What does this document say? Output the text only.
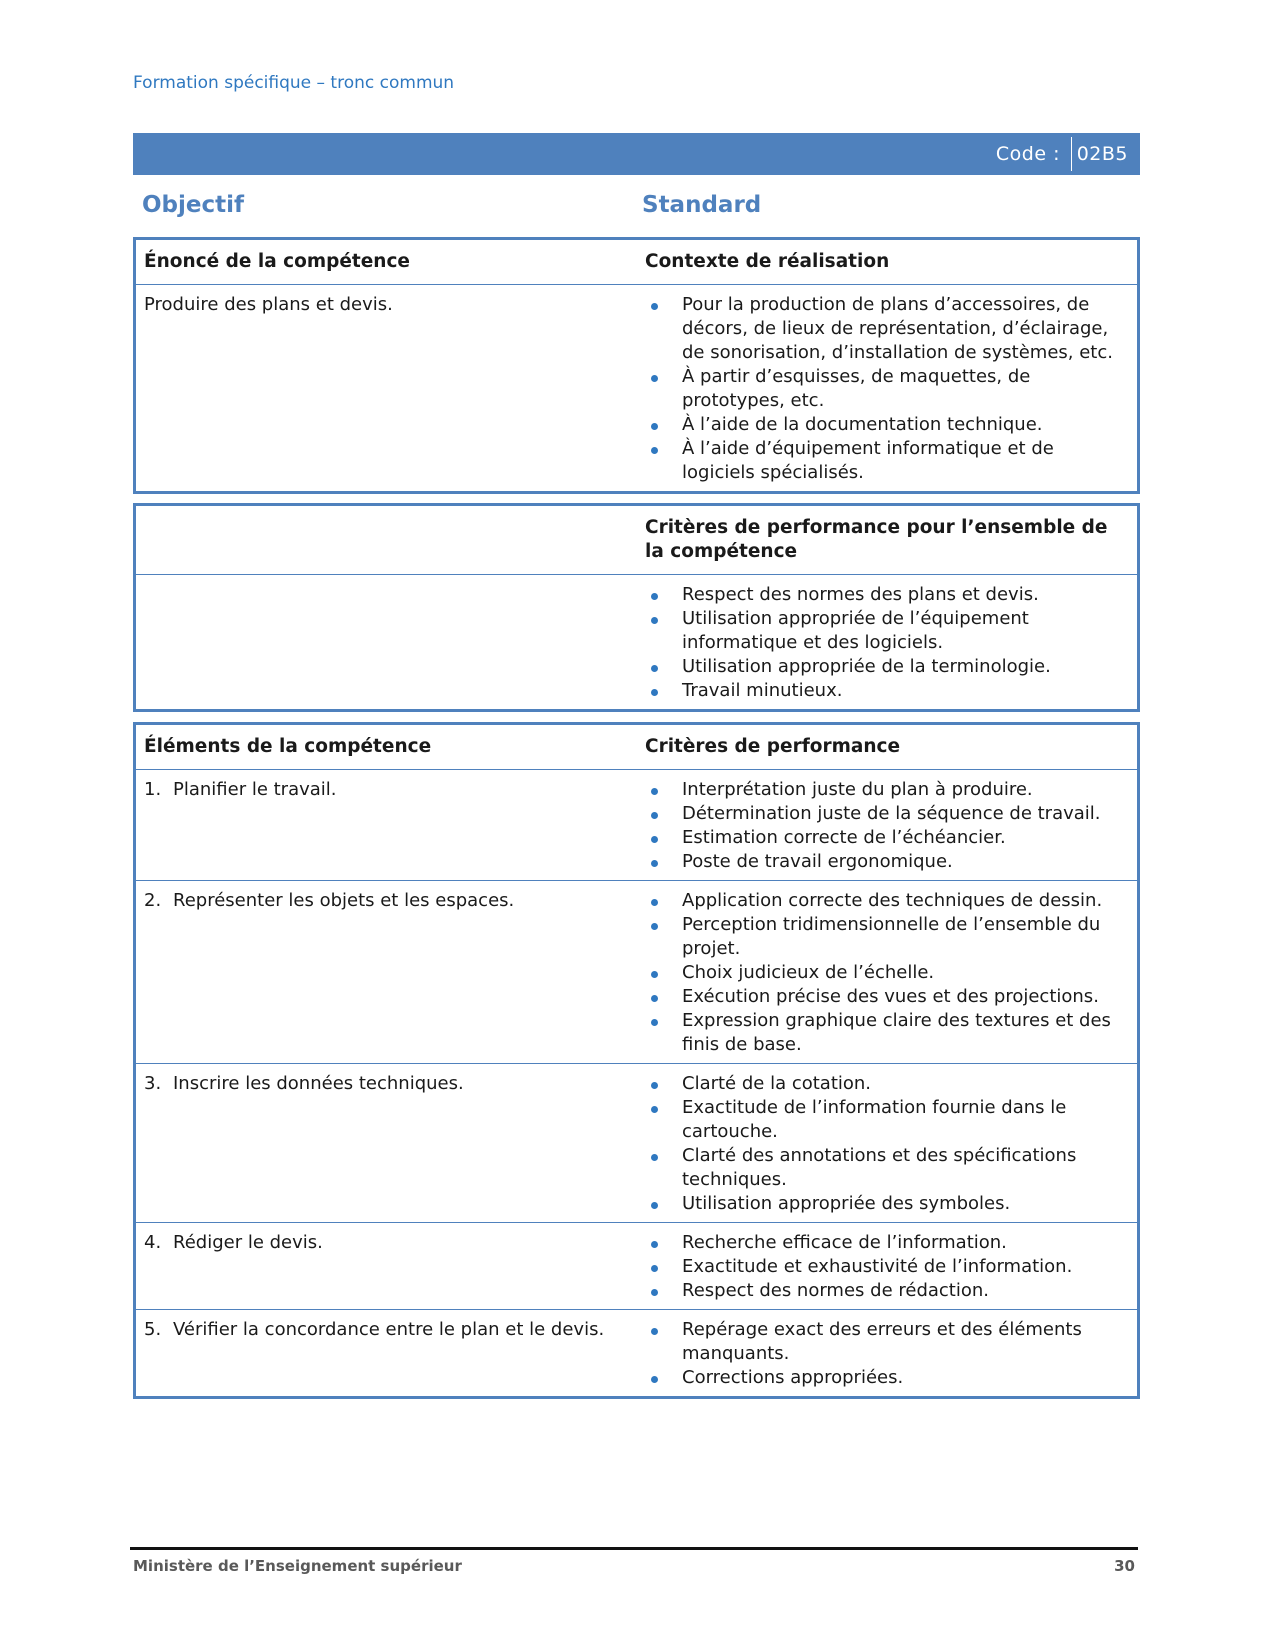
Formation spécifique – tronc commun
Code : 02B5
Objectif	Standard
Énoncé de la compétence	Contexte de réalisation
Produire des plans et devis.	Pour la production de plans d’accessoires, de décors, de lieux de représentation, d’éclairage, de sonorisation, d’installation de systèmes, etc.
À partir d’esquisses, de maquettes, de prototypes, etc.
À l’aide de la documentation technique.
À l’aide d’équipement informatique et de logiciels spécialisés.
Critères de performance pour l’ensemble de la compétence
Respect des normes des plans et devis.
Utilisation appropriée de l’équipement informatique et des logiciels.
Utilisation appropriée de la terminologie.
Travail minutieux.
Éléments de la compétence	Critères de performance
1. Planifier le travail.	Interprétation juste du plan à produire.
Détermination juste de la séquence de travail.
Estimation correcte de l’échéancier.
Poste de travail ergonomique.
2. Représenter les objets et les espaces.	Application correcte des techniques de dessin.
Perception tridimensionnelle de l’ensemble du projet.
Choix judicieux de l’échelle.
Exécution précise des vues et des projections.
Expression graphique claire des textures et des finis de base.
3. Inscrire les données techniques.	Clarté de la cotation.
Exactitude de l’information fournie dans le cartouche.
Clarté des annotations et des spécifications techniques.
Utilisation appropriée des symboles.
4. Rédiger le devis.	Recherche efficace de l’information.
Exactitude et exhaustivité de l’information.
Respect des normes de rédaction.
5. Vérifier la concordance entre le plan et le devis.	Repérage exact des erreurs et des éléments manquants.
Corrections appropriées.
Ministère de l’Enseignement supérieur	30
